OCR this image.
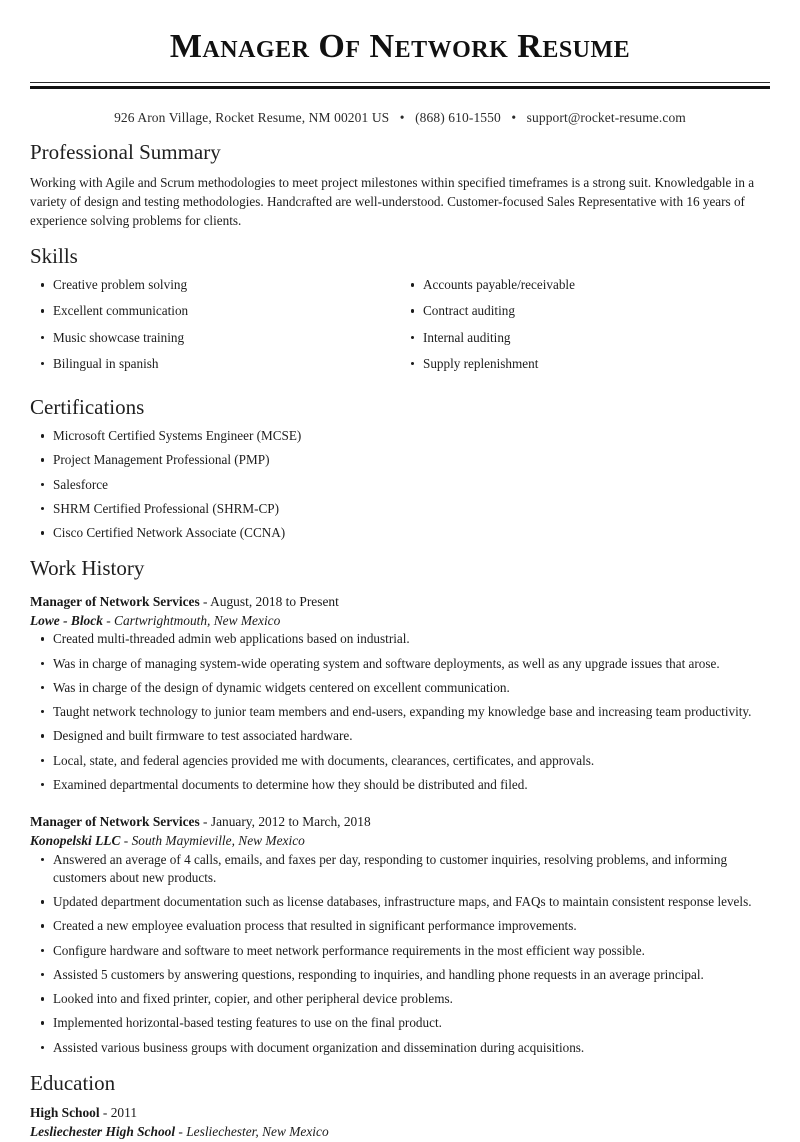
Manager Of Network Resume
926 Aron Village, Rocket Resume, NM 00201 US • (868) 610-1550 • support@rocket-resume.com
Professional Summary

Working with Agile and Scrum methodologies to meet project milestones within specified timeframes is a strong suit. Knowledgable in a variety of design and testing methodologies. Handcrafted are well-understood. Customer-focused Sales Representative with 16 years of experience solving problems for clients.

Skills
Creative problem solving
Excellent communication
Music showcase training
Bilingual in spanish
Accounts payable/receivable
Contract auditing
Internal auditing
Supply replenishment
Certifications
Microsoft Certified Systems Engineer (MCSE)
Project Management Professional (PMP)
Salesforce
SHRM Certified Professional (SHRM-CP)
Cisco Certified Network Associate (CCNA)
Work History
Manager of Network Services - August, 2018 to Present
Lowe - Block - Cartwrightmouth, New Mexico
Created multi-threaded admin web applications based on industrial.
Was in charge of managing system-wide operating system and software deployments, as well as any upgrade issues that arose.
Was in charge of the design of dynamic widgets centered on excellent communication.
Taught network technology to junior team members and end-users, expanding my knowledge base and increasing team productivity.
Designed and built firmware to test associated hardware.
Local, state, and federal agencies provided me with documents, clearances, certificates, and approvals.
Examined departmental documents to determine how they should be distributed and filed.
Manager of Network Services - January, 2012 to March, 2018
Konopelski LLC - South Maymieville, New Mexico
Answered an average of 4 calls, emails, and faxes per day, responding to customer inquiries, resolving problems, and informing customers about new products.
Updated department documentation such as license databases, infrastructure maps, and FAQs to maintain consistent response levels.
Created a new employee evaluation process that resulted in significant performance improvements.
Configure hardware and software to meet network performance requirements in the most efficient way possible.
Assisted 5 customers by answering questions, responding to inquiries, and handling phone requests in an average principal.
Looked into and fixed printer, copier, and other peripheral device problems.
Implemented horizontal-based testing features to use on the final product.
Assisted various business groups with document organization and dissemination during acquisitions.
Education
High School - 2011
Lesliechester High School - Lesliechester, New Mexico
